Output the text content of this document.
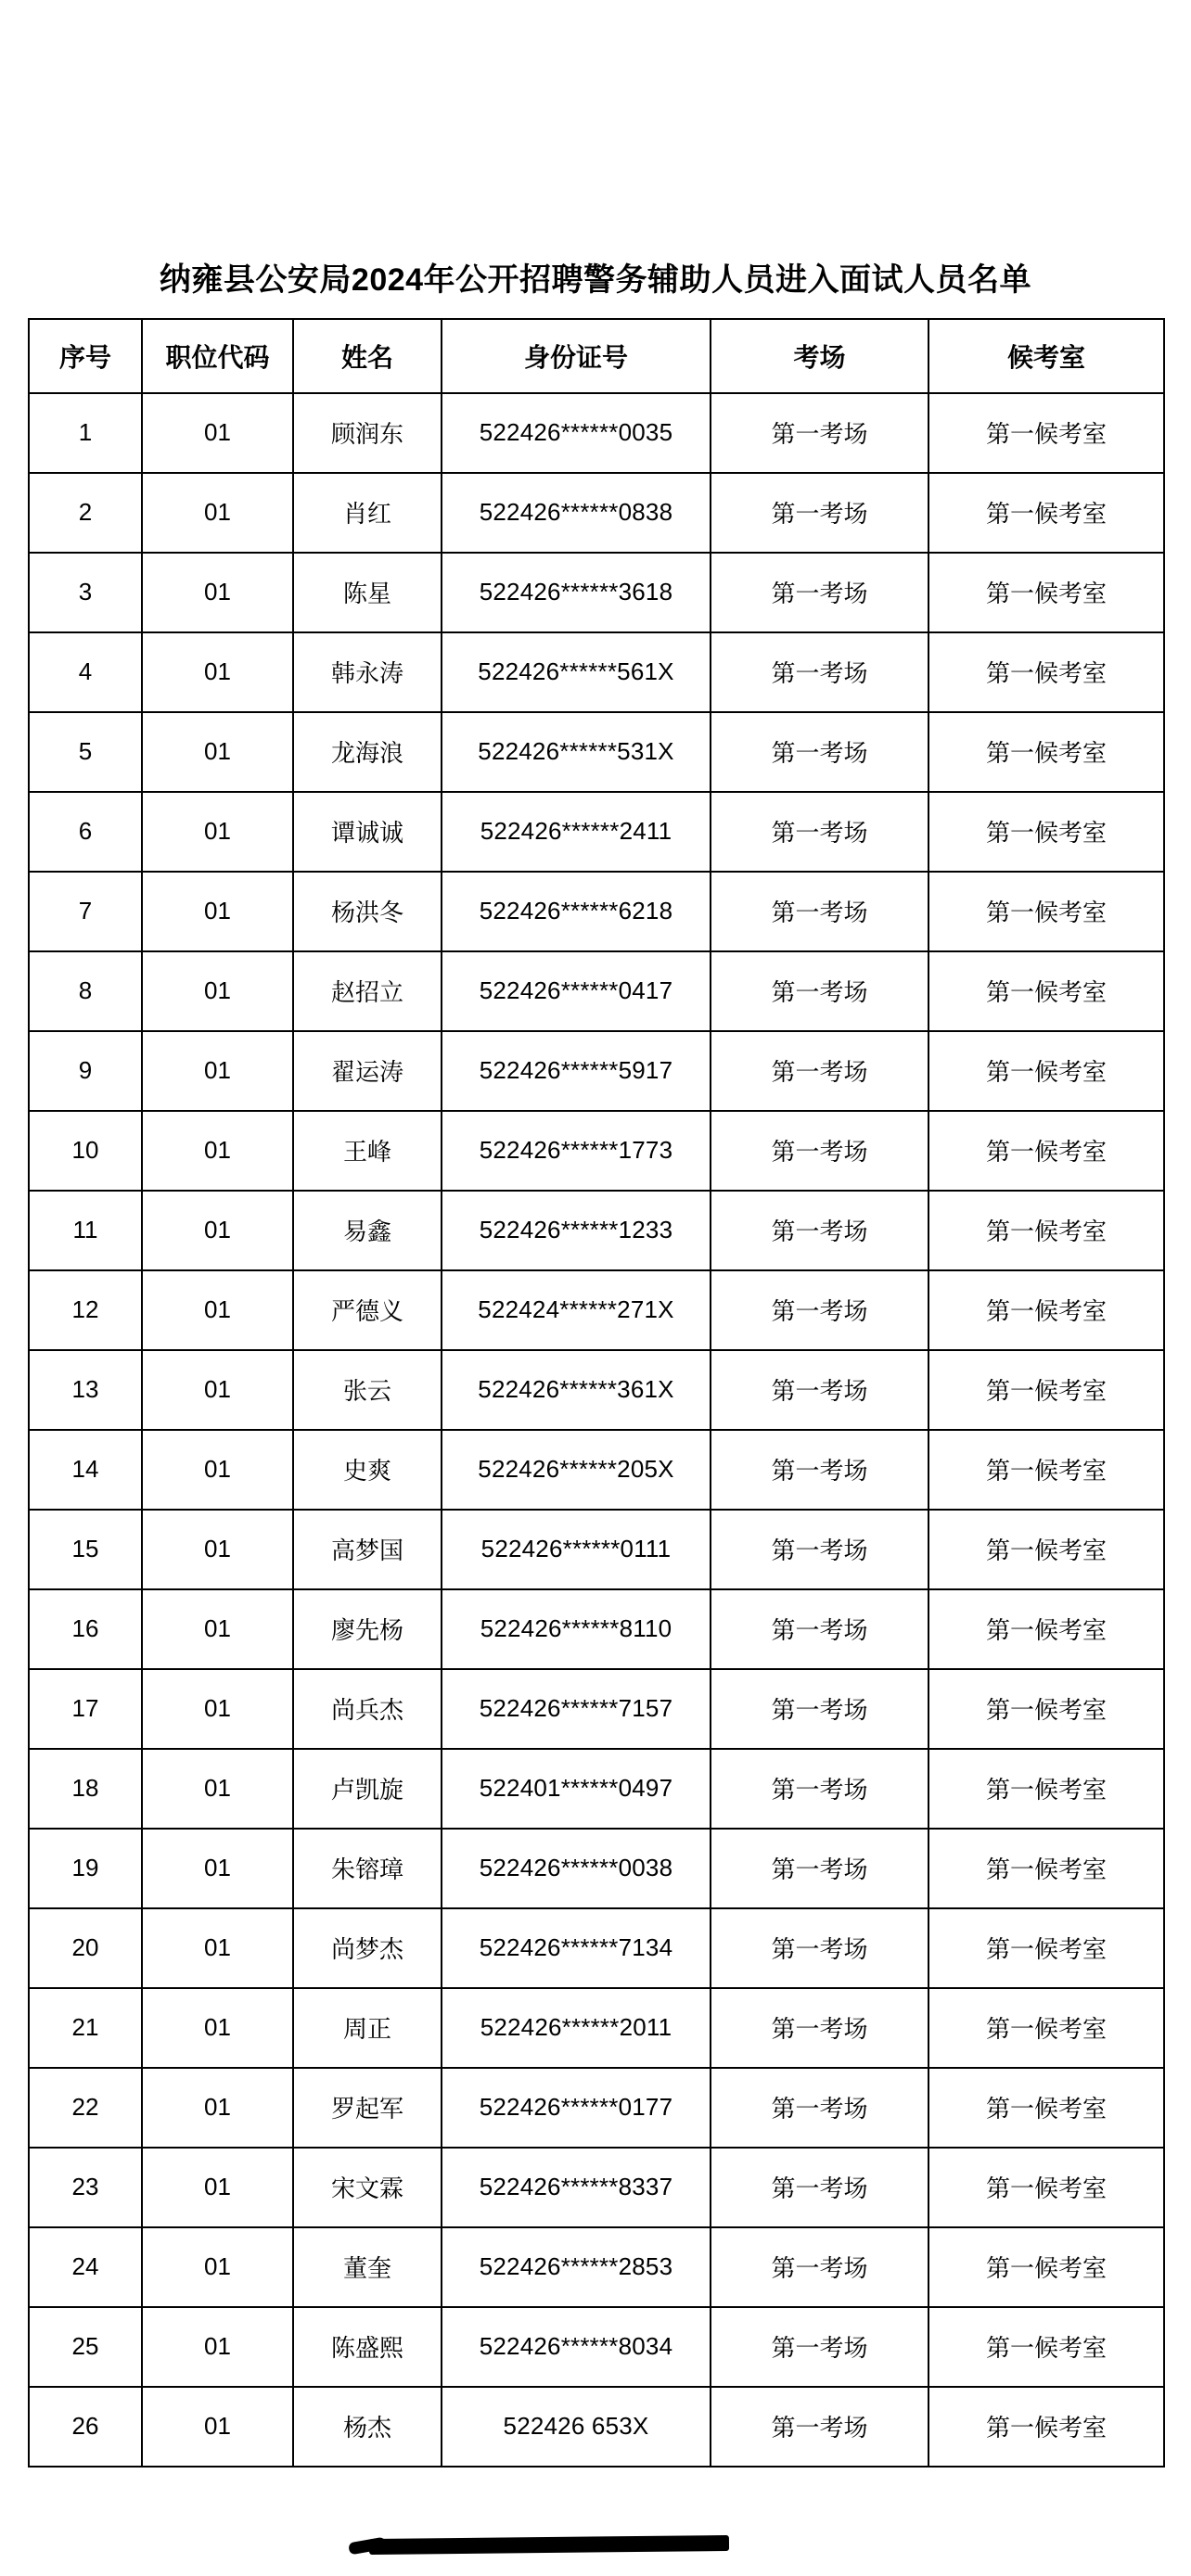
纳雍县公安局2024年公开招聘警务辅助人员进入面试人员名单
序号	职位代码	姓名	身份证号	考场	候考室
1	01	顾润东	522426******0035	第一考场	第一候考室
2	01	肖红	522426******0838	第一考场	第一候考室
3	01	陈星	522426******3618	第一考场	第一候考室
4	01	韩永涛	522426******561X	第一考场	第一候考室
5	01	龙海浪	522426******531X	第一考场	第一候考室
6	01	谭诚诚	522426******2411	第一考场	第一候考室
7	01	杨洪冬	522426******6218	第一考场	第一候考室
8	01	赵招立	522426******0417	第一考场	第一候考室
9	01	翟运涛	522426******5917	第一考场	第一候考室
10	01	王峰	522426******1773	第一考场	第一候考室
11	01	易鑫	522426******1233	第一考场	第一候考室
12	01	严德义	522424******271X	第一考场	第一候考室
13	01	张云	522426******361X	第一考场	第一候考室
14	01	史爽	522426******205X	第一考场	第一候考室
15	01	高梦国	522426******0111	第一考场	第一候考室
16	01	廖先杨	522426******8110	第一考场	第一候考室
17	01	尚兵杰	522426******7157	第一考场	第一候考室
18	01	卢凯旋	522401******0497	第一考场	第一候考室
19	01	朱镕璋	522426******0038	第一考场	第一候考室
20	01	尚梦杰	522426******7134	第一考场	第一候考室
21	01	周正	522426******2011	第一考场	第一候考室
22	01	罗起军	522426******0177	第一考场	第一候考室
23	01	宋文霖	522426******8337	第一考场	第一候考室
24	01	董奎	522426******2853	第一考场	第一候考室
25	01	陈盛熙	522426******8034	第一考场	第一候考室
26	01	杨杰	522426 653X	第一考场	第一候考室
